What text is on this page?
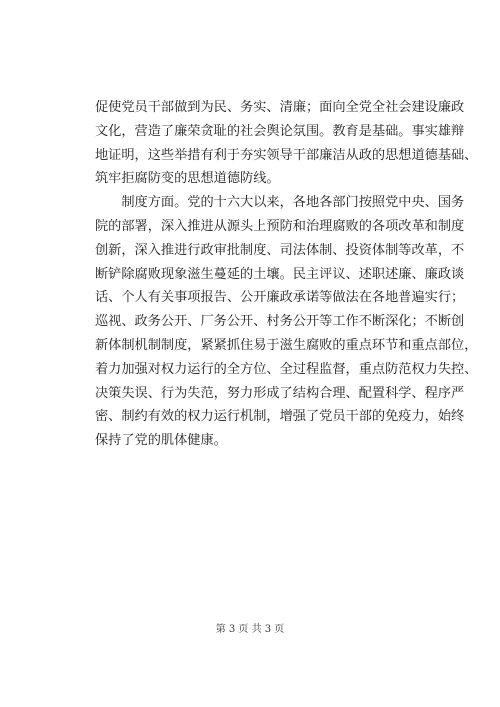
促使党员干部做到为民、务实、清廉；面向全党全社会建设廉政
文化，营造了廉荣贪耻的社会舆论氛围。教育是基础。事实雄辩
地证明，这些举措有利于夯实领导干部廉洁从政的思想道德基础、
筑牢拒腐防变的思想道德防线。
　　制度方面。党的十六大以来，各地各部门按照党中央、国务
院的部署，深入推进从源头上预防和治理腐败的各项改革和制度
创新，深入推进行政审批制度、司法体制、投资体制等改革，不
断铲除腐败现象滋生蔓延的土壤。民主评议、述职述廉、廉政谈
话、个人有关事项报告、公开廉政承诺等做法在各地普遍实行；
巡视、政务公开、厂务公开、村务公开等工作不断深化；不断创
新体制机制制度，紧紧抓住易于滋生腐败的重点环节和重点部位，
着力加强对权力运行的全方位、全过程监督，重点防范权力失控、
决策失误、行为失范，努力形成了结构合理、配置科学、程序严
密、制约有效的权力运行机制，增强了党员干部的免疫力，始终
保持了党的肌体健康。
第 3 页 共 3 页
